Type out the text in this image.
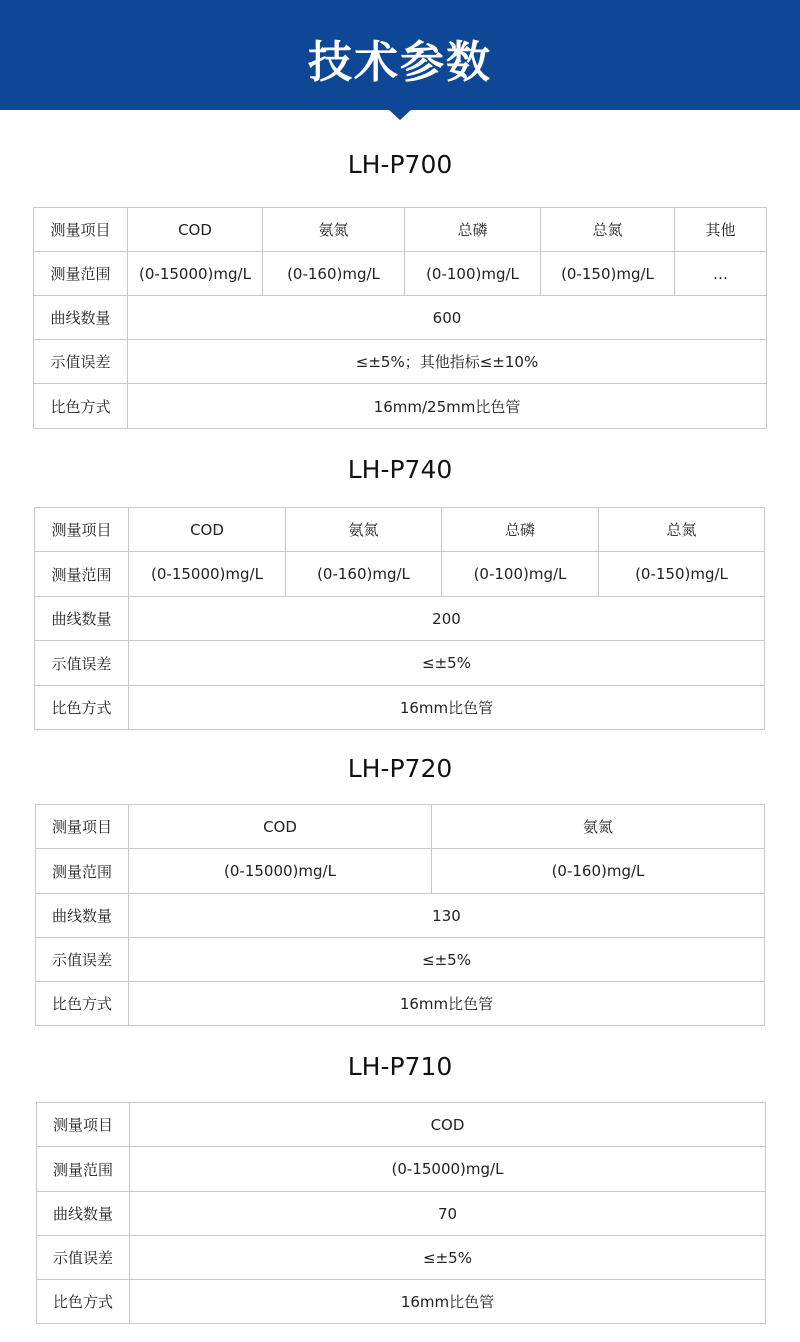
技术参数
LH-P700
测量项目	COD	氨氮	总磷	总氮	其他
测量范围	(0-15000)mg/L	(0-160)mg/L	(0-100)mg/L	(0-150)mg/L	…
曲线数量	600				
示值误差	≤±5%；其他指标≤±10%				
比色方式	16mm/25mm比色管				
LH-P740
测量项目	COD	氨氮	总磷	总氮
测量范围	(0-15000)mg/L	(0-160)mg/L	(0-100)mg/L	(0-150)mg/L
曲线数量	200			
示值误差	≤±5%			
比色方式	16mm比色管			
LH-P720
测量项目	COD	氨氮
测量范围	(0-15000)mg/L	(0-160)mg/L
曲线数量	130	
示值误差	≤±5%	
比色方式	16mm比色管	
LH-P710
测量项目	COD
测量范围	(0-15000)mg/L
曲线数量	70
示值误差	≤±5%
比色方式	16mm比色管
